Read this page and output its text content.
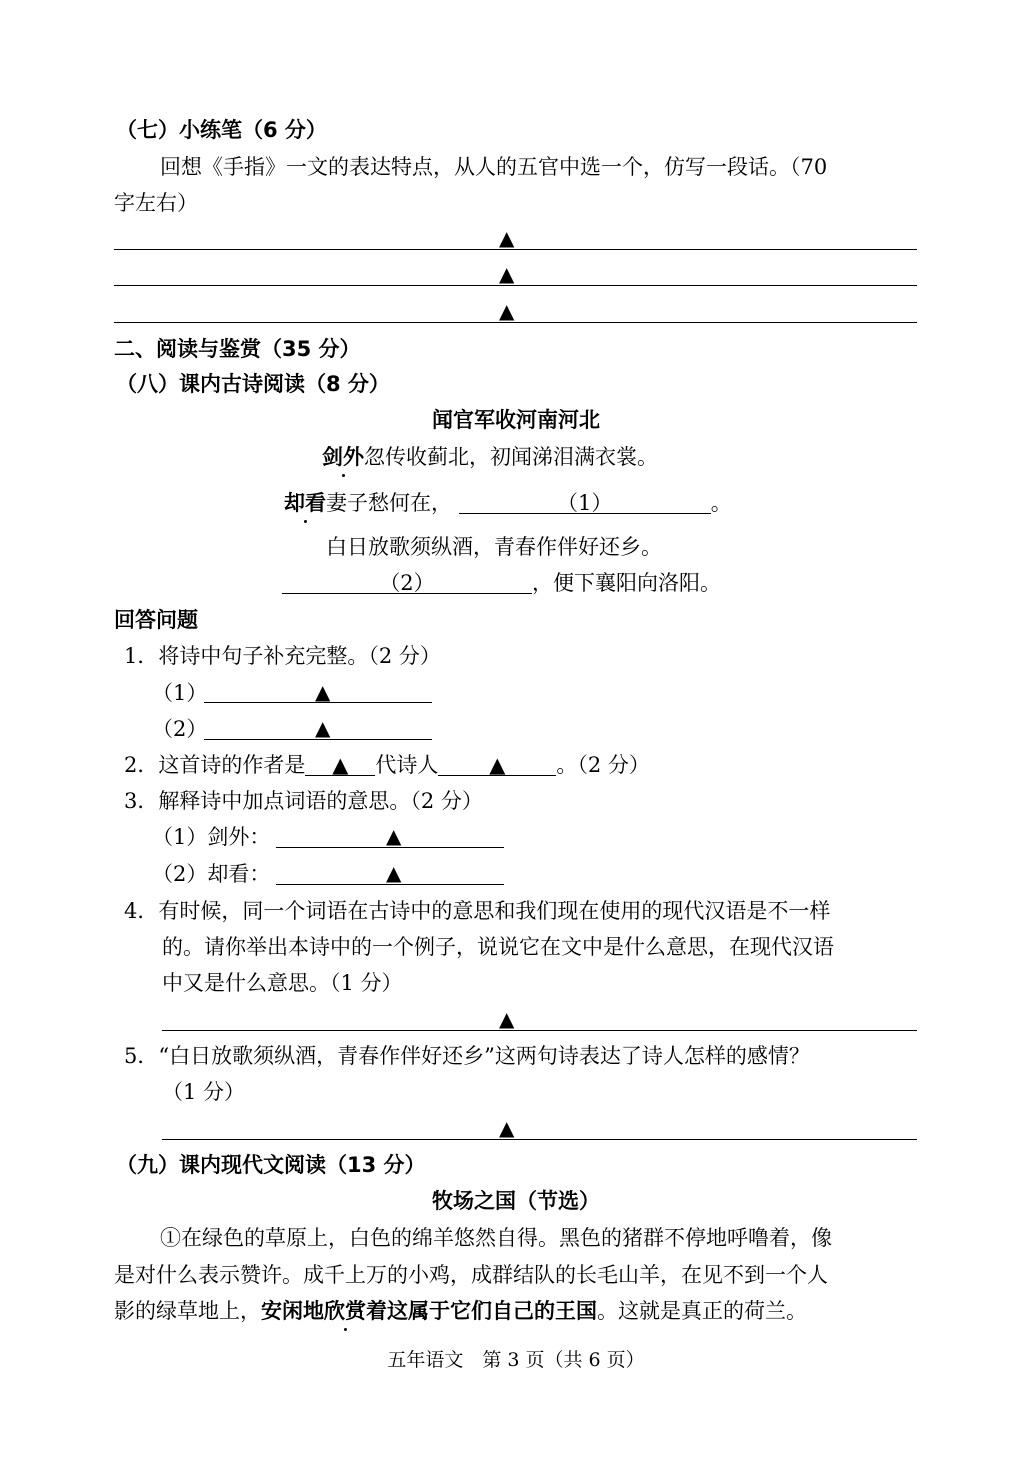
（七）小练笔（6 分）
回想《手指》一文的表达特点，从人的五官中选一个，仿写一段话。（70
字左右）
▲
▲
▲
二、阅读与鉴赏（35 分）
（八）课内古诗阅读（8 分）
闻官军收河南河北
剑外忽传收蓟北，初闻涕泪满衣裳。
却看妻子愁何在，	（1）	。
白日放歌须纵酒，青春作伴好还乡。
（2）	，便下襄阳向洛阳。
回答问题
1．将诗中句子补充完整。（2 分）
（1）	▲
（2）	▲
2．这首诗的作者是 ▲ 代诗人 ▲ 。（2 分）
3．解释诗中加点词语的意思。（2 分）
（1）剑外：	▲
（2）却看：	▲
4．有时候，同一个词语在古诗中的意思和我们现在使用的现代汉语是不一样
的。请你举出本诗中的一个例子，说说它在文中是什么意思，在现代汉语
中又是什么意思。（1 分）
▲
5．“白日放歌须纵酒，青春作伴好还乡”这两句诗表达了诗人怎样的感情？
（1 分）
▲
（九）课内现代文阅读（13 分）
牧场之国（节选）
①在绿色的草原上，白色的绵羊悠然自得。黑色的猪群不停地呼噜着，像
是对什么表示赞许。成千上万的小鸡，成群结队的长毛山羊，在见不到一个人
影的绿草地上，安闲地欣赏着这属于它们自己的王国。这就是真正的荷兰。
五年语文　第 3 页（共 6 页）
